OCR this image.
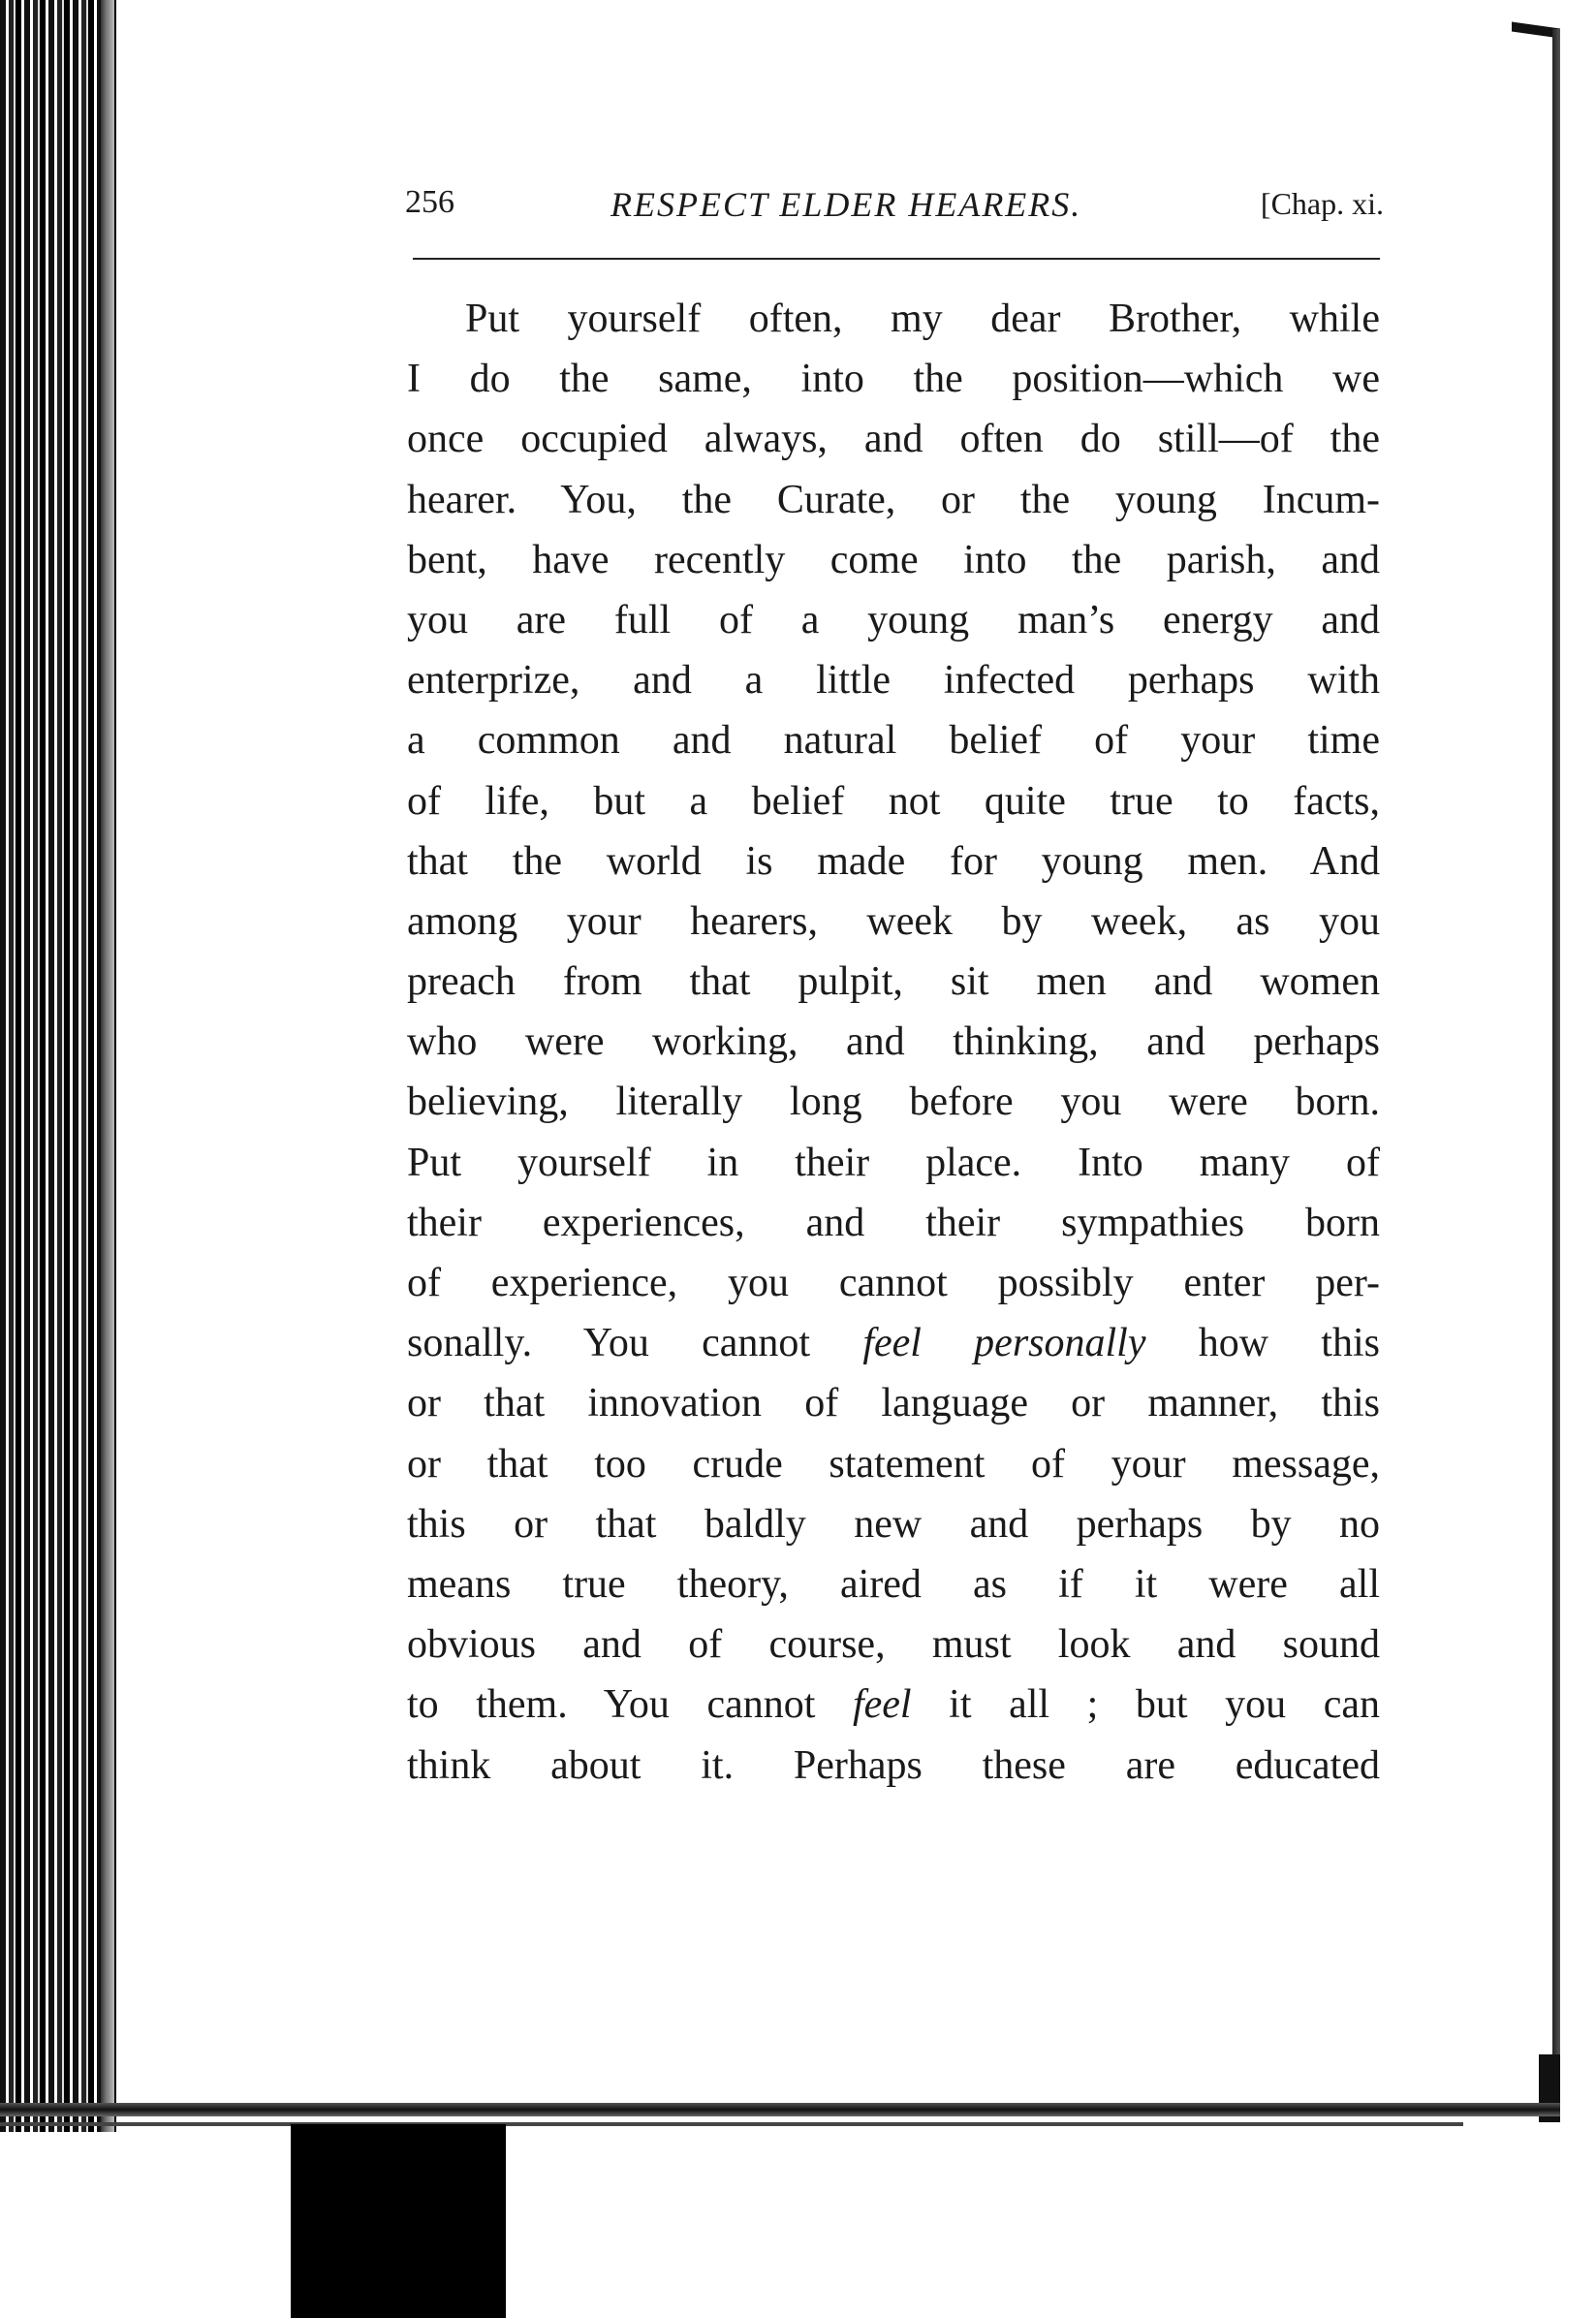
256	RESPECT ELDER HEARERS.	[Chap. xi.
Put yourself often, my dear Brother, while
I do the same, into the position—which we
once occupied always, and often do still—of the
hearer. You, the Curate, or the young Incum-
bent, have recently come into the parish, and
you are full of a young man’s energy and
enterprize, and a little infected perhaps with
a common and natural belief of your time
of life, but a belief not quite true to facts,
that the world is made for young men. And
among your hearers, week by week, as you
preach from that pulpit, sit men and women
who were working, and thinking, and perhaps
believing, literally long before you were born.
Put yourself in their place. Into many of
their experiences, and their sympathies born
of experience, you cannot possibly enter per-
sonally. You cannot feel personally how this
or that innovation of language or manner, this
or that too crude statement of your message,
this or that baldly new and perhaps by no
means true theory, aired as if it were all
obvious and of course, must look and sound
to them. You cannot feel it all ; but you can
think about it. Perhaps these are educated
